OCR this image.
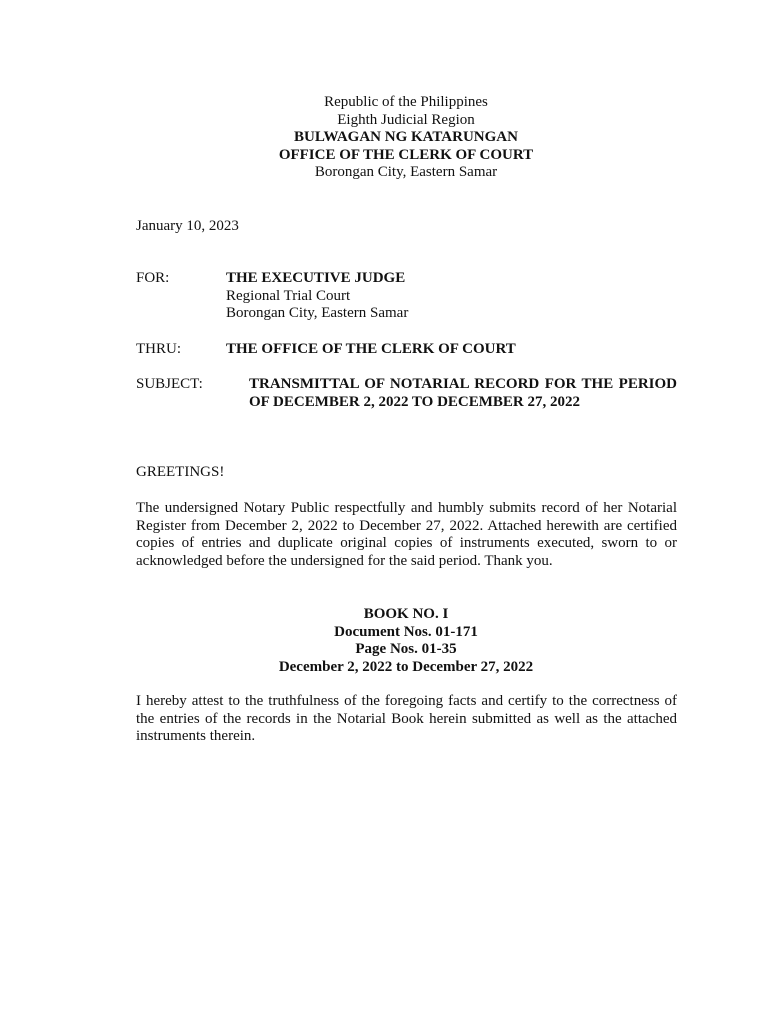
Republic of the Philippines
Eighth Judicial Region
BULWAGAN NG KATARUNGAN
OFFICE OF THE CLERK OF COURT
Borongan City, Eastern Samar
January 10, 2023
FOR:	THE EXECUTIVE JUDGE
Regional Trial Court
Borongan City, Eastern Samar
THRU:	THE OFFICE OF THE CLERK OF COURT
SUBJECT:	TRANSMITTAL OF NOTARIAL RECORD FOR THE PERIOD OF DECEMBER 2, 2022 TO DECEMBER 27, 2022
GREETINGS!
The undersigned Notary Public respectfully and humbly submits record of her Notarial Register from December 2, 2022 to December 27, 2022. Attached herewith are certified copies of entries and duplicate original copies of instruments executed, sworn to or acknowledged before the undersigned for the said period. Thank you.
BOOK NO. I
Document Nos. 01-171
Page Nos. 01-35
December 2, 2022 to December 27, 2022
I hereby attest to the truthfulness of the foregoing facts and certify to the correctness of the entries of the records in the Notarial Book herein submitted as well as the attached instruments therein.
